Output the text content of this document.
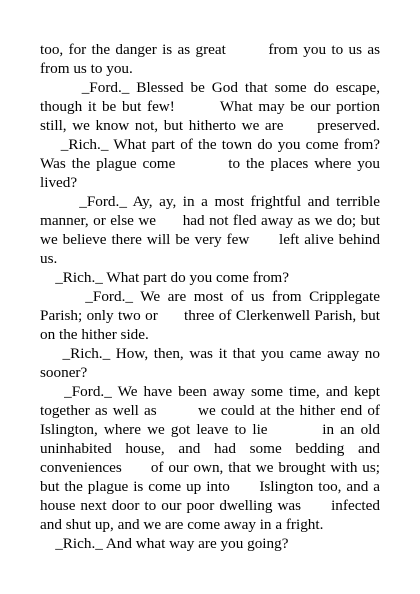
too, for the danger is as great        from you to us as
from us to you.
_Ford._ Blessed be God that some do escape,
though it be but few!        What may be our portion
still, we know not, but hitherto we are      preserved.
_Rich._ What part of the town do you come from?
Was the plague come         to the places where you
lived?
_Ford._ Ay, ay, in a most frightful and terrible
manner, or else we      had not fled away as we do; but
we believe there will be very few      left alive behind
us.
_Rich._ What part do you come from?
_Ford._ We are most of us from Cripplegate
Parish; only two or      three of Clerkenwell Parish, but
on the hither side.
_Rich._ How, then, was it that you came away no
sooner?
_Ford._ We have been away some time, and kept
together as well as        we could at the hither end of
Islington, where we got leave to lie         in an old
uninhabited house, and had some bedding and
conveniences      of our own, that we brought with us;
but the plague is come up into      Islington too, and a
house next door to our poor dwelling was      infected
and shut up, and we are come away in a fright.
_Rich._ And what way are you going?
